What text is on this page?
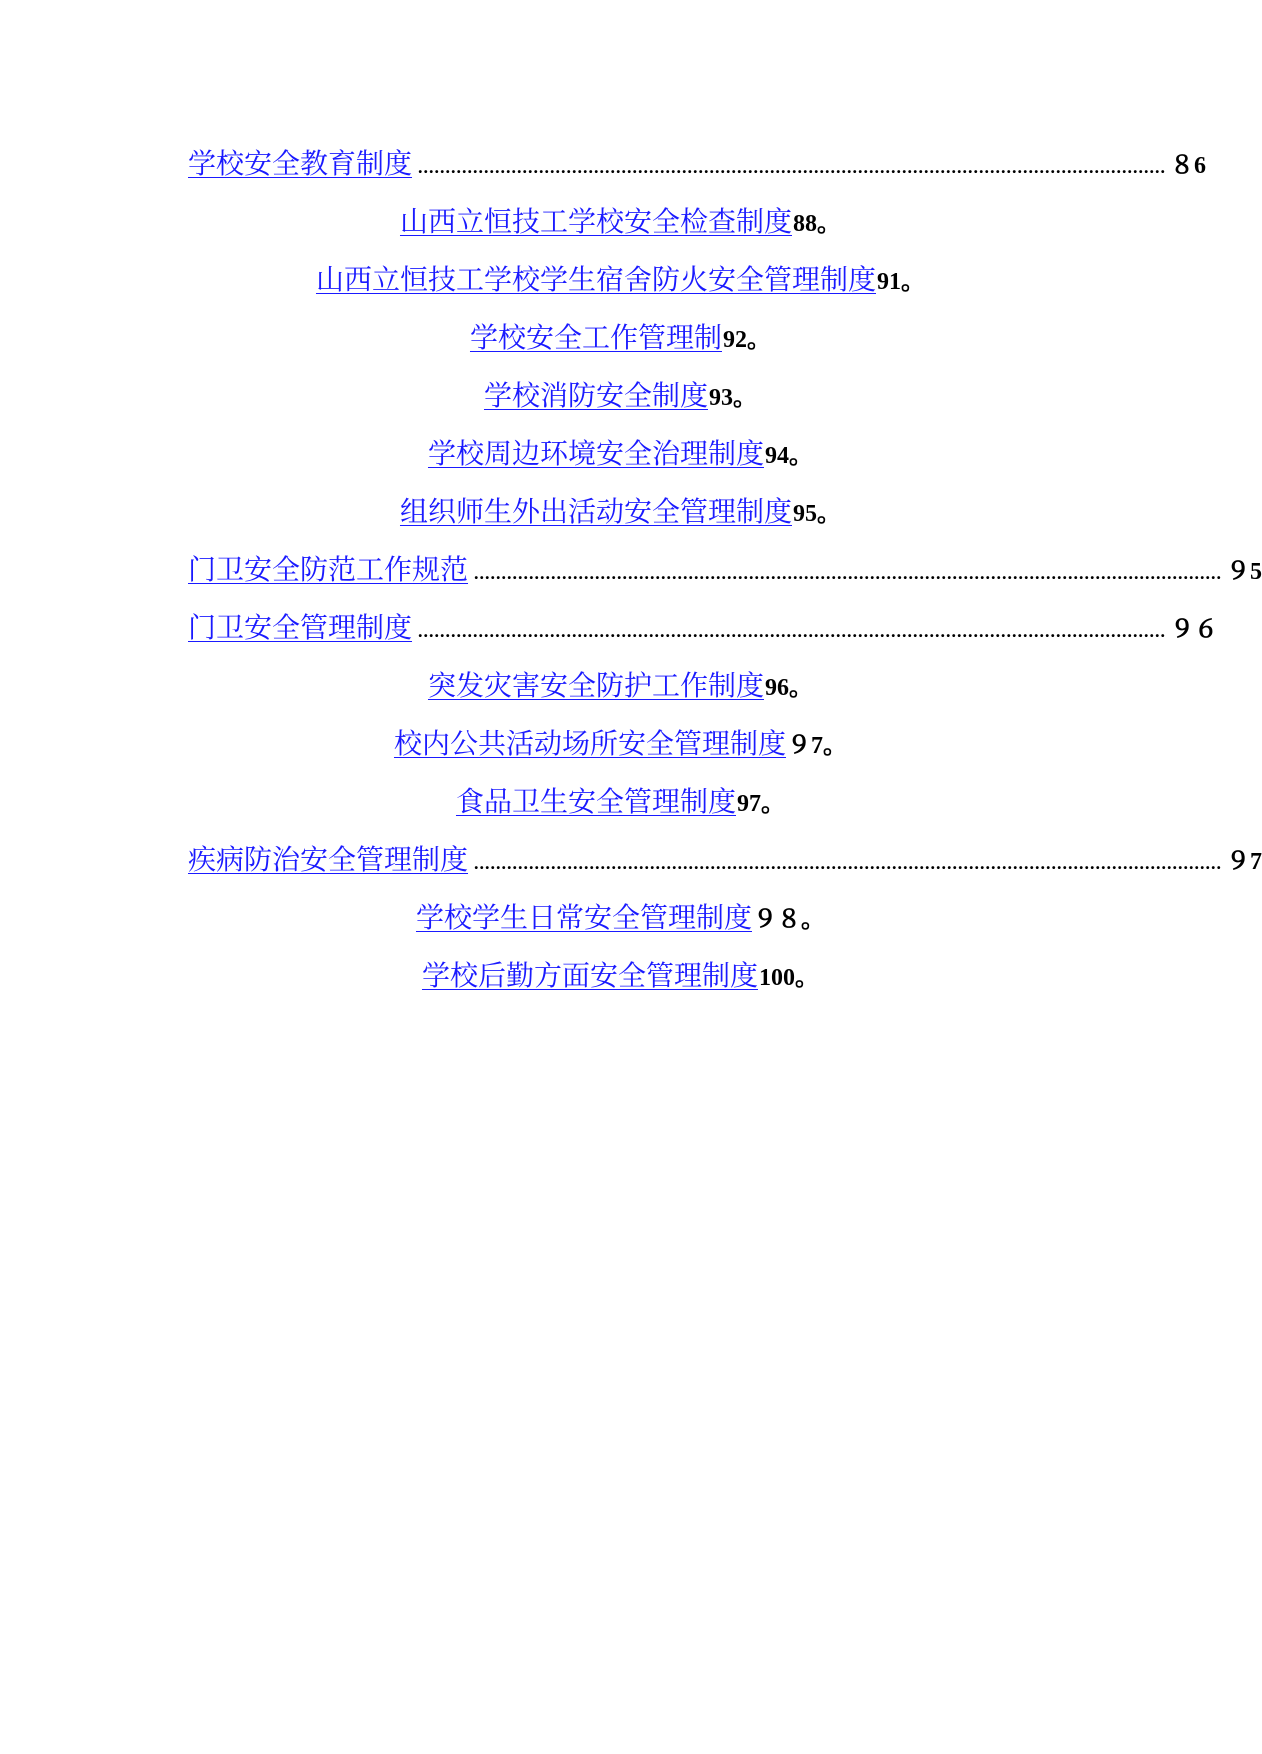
学校安全教育制度 ........................................................................................................................................ ８6
山西立恒技工学校安全检查制度88。
山西立恒技工学校学生宿舍防火安全管理制度91。
学校安全工作管理制92。
学校消防安全制度93。
学校周边环境安全治理制度94。
组织师生外出活动安全管理制度95。
门卫安全防范工作规范 ........................................................................................................................................ ９5
门卫安全管理制度 ........................................................................................................................................ ９６
突发灾害安全防护工作制度96。
校内公共活动场所安全管理制度９7。
食品卫生安全管理制度97。
疾病防治安全管理制度 ........................................................................................................................................ ９7
学校学生日常安全管理制度９８。
学校后勤方面安全管理制度100。
